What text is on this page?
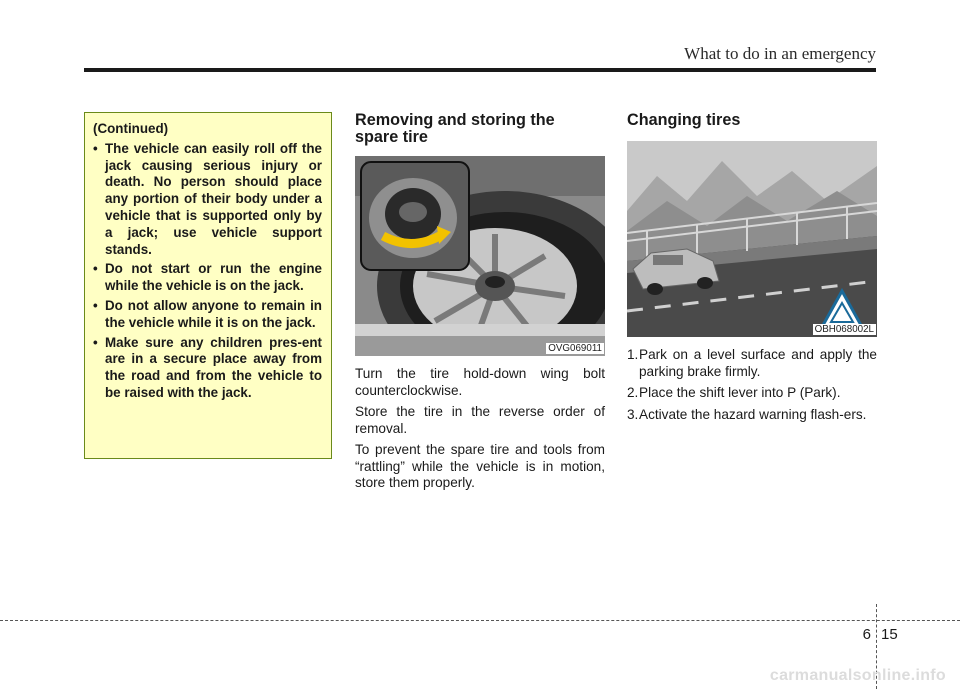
What to do in an emergency
(Continued)
• The vehicle can easily roll off the jack causing serious injury or death. No person should place any portion of their body under a vehicle that is supported only by a jack; use vehicle support stands.
• Do not start or run the engine while the vehicle is on the jack.
• Do not allow anyone to remain in the vehicle while it is on the jack.
• Make sure any children pres-ent are in a secure place away from the road and from the vehicle to be raised with the jack.
Removing and storing the
spare tire
OVG069011

Turn the tire hold-down wing bolt counterclockwise.

Store the tire in the reverse order of removal.

To prevent the spare tire and tools from “rattling” while the vehicle is in motion, store them properly.

Changing tires
OBH068002L
1. Park on a level surface and apply the parking brake firmly.
2. Place the shift lever into P (Park).
3. Activate the hazard warning flash-ers.
6 15
carmanualsonline.info
